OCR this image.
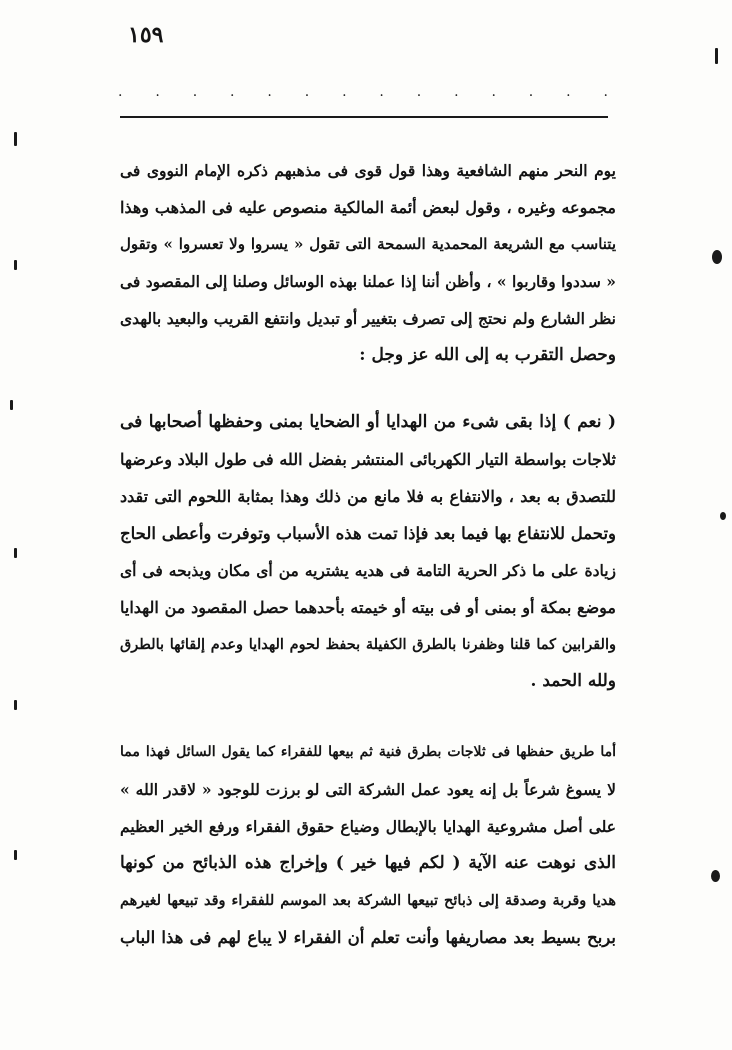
١٥٩
. . . . . . . . . . . . . .
يوم النحر منهم الشافعية وهذا قول قوى فى مذهبهم ذكره الإمام النووى فى
مجموعه وغيره ، وقول لبعض أئمة المالكية منصوص عليه فى المذهب وهذا
يتناسب مع الشريعة المحمدية السمحة التى تقول « يسروا ولا تعسروا » وتقول
« سددوا وقاربوا » ، وأظن أننا إذا عملنا بهذه الوسائل وصلنا إلى المقصود فى
نظر الشارع ولم نحتج إلى تصرف بتغيير أو تبديل وانتفع القريب والبعيد بالهدى
وحصل التقرب به إلى الله عز وجل :
( نعم ) إذا بقى شىء من الهدايا أو الضحايا بمنى وحفظها أصحابها فى
ثلاجات بواسطة التيار الكهربائى المنتشر بفضل الله فى طول البلاد وعرضها
للتصدق به بعد ، والانتفاع به فلا مانع من ذلك وهذا بمثابة اللحوم التى تقدد
وتحمل للانتفاع بها فيما بعد فإذا تمت هذه الأسباب وتوفرت وأعطى الحاج
زيادة على ما ذكر الحرية التامة فى هديه يشتريه من أى مكان ويذبحه فى أى
موضع بمكة أو بمنى أو فى بيته أو خيمته بأحدهما حصل المقصود من الهدايا
والقرابين كما قلنا وظفرنا بالطرق الكفيلة بحفظ لحوم الهدايا وعدم إلقائها بالطرق
ولله الحمد .
أما طريق حفظها فى ثلاجات بطرق فنية ثم بيعها للفقراء كما يقول السائل فهذا مما
لا يسوغ شرعاً بل إنه يعود عمل الشركة التى لو برزت للوجود « لاقدر الله »
على أصل مشروعية الهدايا بالإبطال وضياع حقوق الفقراء ورفع الخير العظيم
الذى نوهت عنه الآية ( لكم فيها خير ) وإخراج هذه الذبائح من كونها
هديا وقربة وصدقة إلى ذبائح تبيعها الشركة بعد الموسم للفقراء وقد تبيعها لغيرهم
بربح بسيط بعد مصاريفها وأنت تعلم أن الفقراء لا يباع لهم فى هذا الباب
